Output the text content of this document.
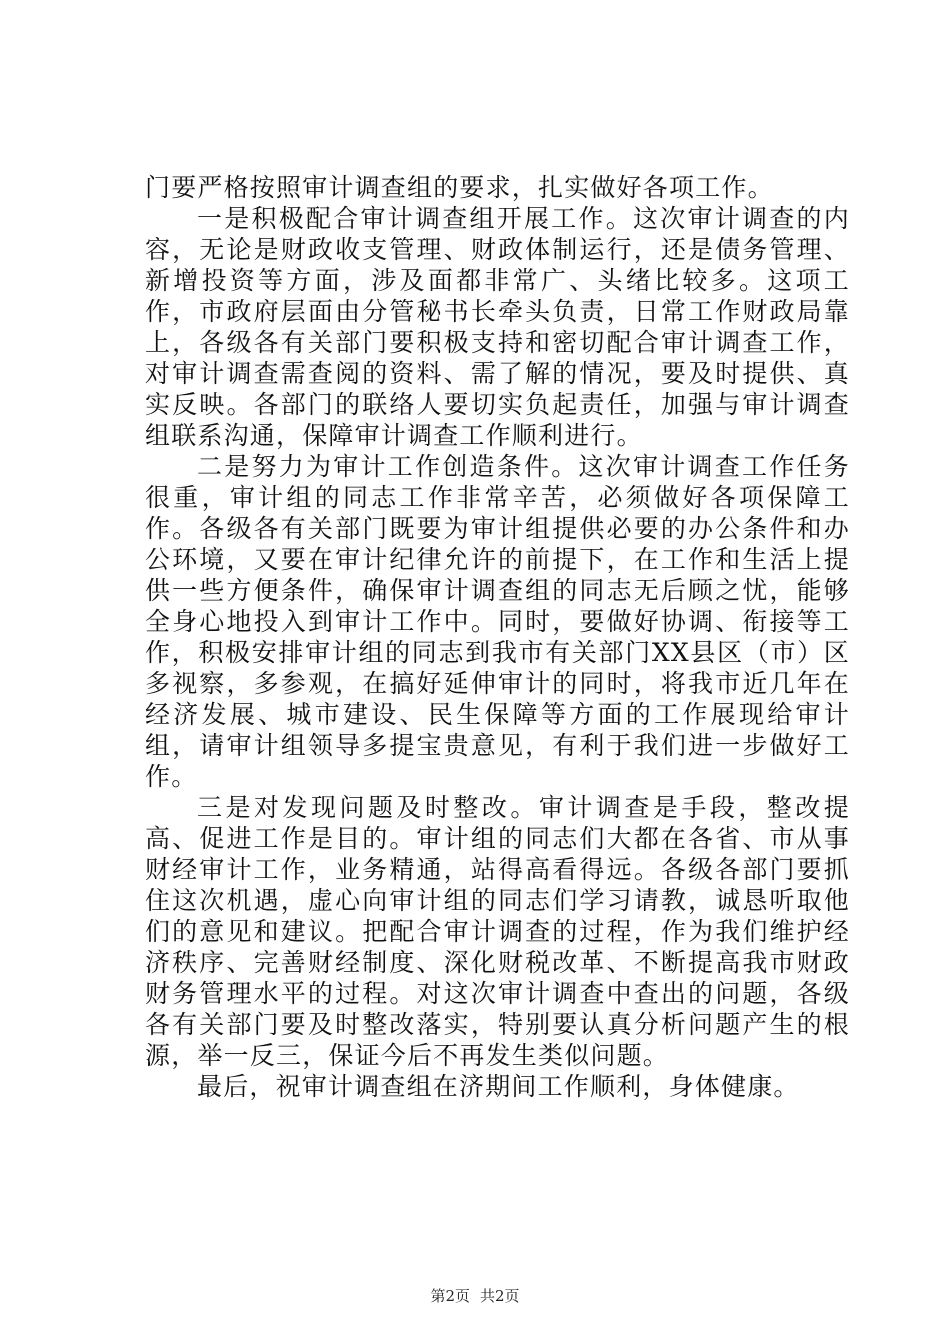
门要严格按照审计调查组的要求，扎实做好各项工作。

一是积极配合审计调查组开展工作。这次审计调查的内容，无论是财政收支管理、财政体制运行，还是债务管理、新增投资等方面，涉及面都非常广、头绪比较多。这项工作，市政府层面由分管秘书长牵头负责，日常工作财政局靠上，各级各有关部门要积极支持和密切配合审计调查工作，对审计调查需查阅的资料、需了解的情况，要及时提供、真实反映。各部门的联络人要切实负起责任，加强与审计调查组联系沟通，保障审计调查工作顺利进行。

二是努力为审计工作创造条件。这次审计调查工作任务很重，审计组的同志工作非常辛苦，必须做好各项保障工作。各级各有关部门既要为审计组提供必要的办公条件和办公环境，又要在审计纪律允许的前提下，在工作和生活上提供一些方便条件，确保审计调查组的同志无后顾之忧，能够全身心地投入到审计工作中。同时，要做好协调、衔接等工作，积极安排审计组的同志到我市有关部门XX县区（市）区多视察，多参观，在搞好延伸审计的同时，将我市近几年在经济发展、城市建设、民生保障等方面的工作展现给审计组，请审计组领导多提宝贵意见，有利于我们进一步做好工作。

三是对发现问题及时整改。审计调查是手段，整改提高、促进工作是目的。审计组的同志们大都在各省、市从事财经审计工作，业务精通，站得高看得远。各级各部门要抓住这次机遇，虚心向审计组的同志们学习请教，诚恳听取他们的意见和建议。把配合审计调查的过程，作为我们维护经济秩序、完善财经制度、深化财税改革、不断提高我市财政财务管理水平的过程。对这次审计调查中查出的问题，各级各有关部门要及时整改落实，特别要认真分析问题产生的根源，举一反三，保证今后不再发生类似问题。

最后，祝审计调查组在济期间工作顺利，身体健康。

第2页 共2页
